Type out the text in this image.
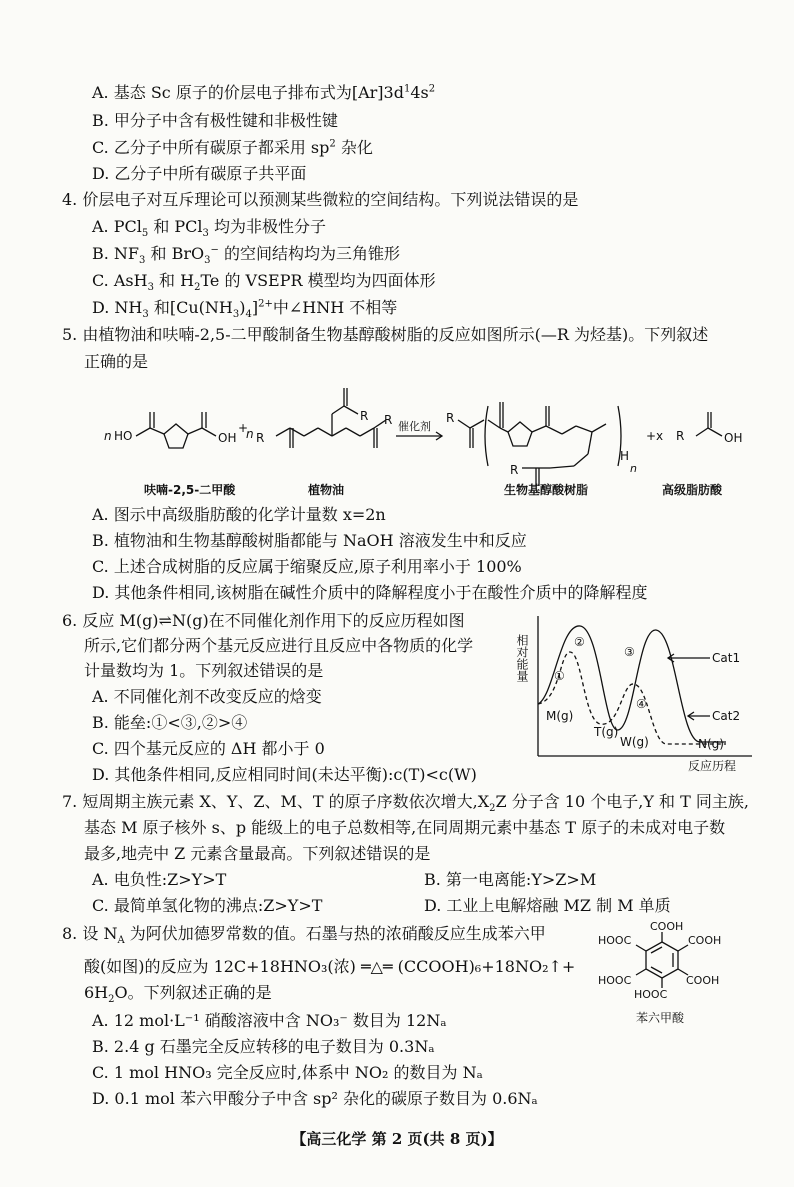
A. 基态 Sc 原子的价层电子排布式为$[Ar]3d^14s^2$
B. 甲分子中含有极性键和非极性键
C. 乙分子中所有碳原子都采用 $sp^2$ 杂化
D. 乙分子中所有碳原子共平面
4. 价层电子对互斥理论可以预测某些微粒的空间结构。下列说法错误的是
A. PCl$_5$ 和 PCl$_3$ 均为非极性分子
B. $NF_3$ 和 BrO$_3$− 的空间结构均为三角锥形
C. AsH$_3$ 和 $H_2Te$ 的 VSEPR 模型均为四面体形
D. $NH_3$ 和$[Cu(NH_3)_4]^{2+}$中∠HNH 不相等
5. 由植物油和呋喃-2,5-二甲酸制备生物基醇酸树脂的反应如图所示(—R 为烃基)。下列叙述
正确的是
n HO	OH
+
n R
R R 催化剂
R
R
H
n
+x R	OH
呋喃-2,5-二甲酸	植物油	生物基醇酸树脂	高级脂肪酸
A. 图示中高级脂肪酸的化学计量数 x=2n
B. 植物油和生物基醇酸树脂都能与 NaOH 溶液发生中和反应
C. 上述合成树脂的反应属于缩聚反应,原子利用率小于 100%
D. 其他条件相同,该树脂在碱性介质中的降解程度小于在酸性介质中的降解程度
6. 反应 M(g)⇌N(g)在不同催化剂作用下的反应历程如图
所示,它们都分两个基元反应进行且反应中各物质的化学
计量数均为 1。下列叙述错误的是
A. 不同催化剂不改变反应的焓变
B. 能垒:①<③,②>④
C. 四个基元反应的 ΔH 都小于 0
D. 其他条件相同,反应相同时间(未达平衡):c(T)<c(W)
相对能量
反应历程
M(g)
T(g)
W(g)	N(g)
Cat1
Cat2
①
②
③
④
7. 短周期主族元素 X、Y、Z、M、T 的原子序数依次增大$,X_2Z$ 分子含 10 个电子,Y 和 T 同主族,
基态 M 原子核外 s、p 能级上的电子总数相等,在同周期元素中基态 T 原子的未成对电子数
最多,地壳中 Z 元素含量最高。下列叙述错误的是
A. 电负性:Z>Y>T	B. 第一电离能:Y>Z>M
C. 最简单氢化物的沸点:Z>Y>T	D. 工业上电解熔融 MZ 制 M 单质
8. 设 $N_A$ 为阿伏加德罗常数的值。石墨与热的浓硝酸反应生成苯六甲
酸(如图)的反应为 12C+18HNO₃(浓) ═△═ (CCOOH)₆+18NO₂↑+
$6H_2O$。下列叙述正确的是
A. 12 mol·L⁻¹ 硝酸溶液中含 NO₃⁻ 数目为 12Nₐ
B. 2.4 g 石墨完全反应转移的电子数目为 0.3Nₐ
C. 1 mol HNO₃ 完全反应时,体系中 NO₂ 的数目为 Nₐ
D. 0.1 mol 苯六甲酸分子中含 sp² 杂化的碳原子数目为 0.6Nₐ
COOH
HOOC	COOH
HOOC
HOOC
COOH
苯六甲酸
【高三化学 第 2 页(共 8 页)】
